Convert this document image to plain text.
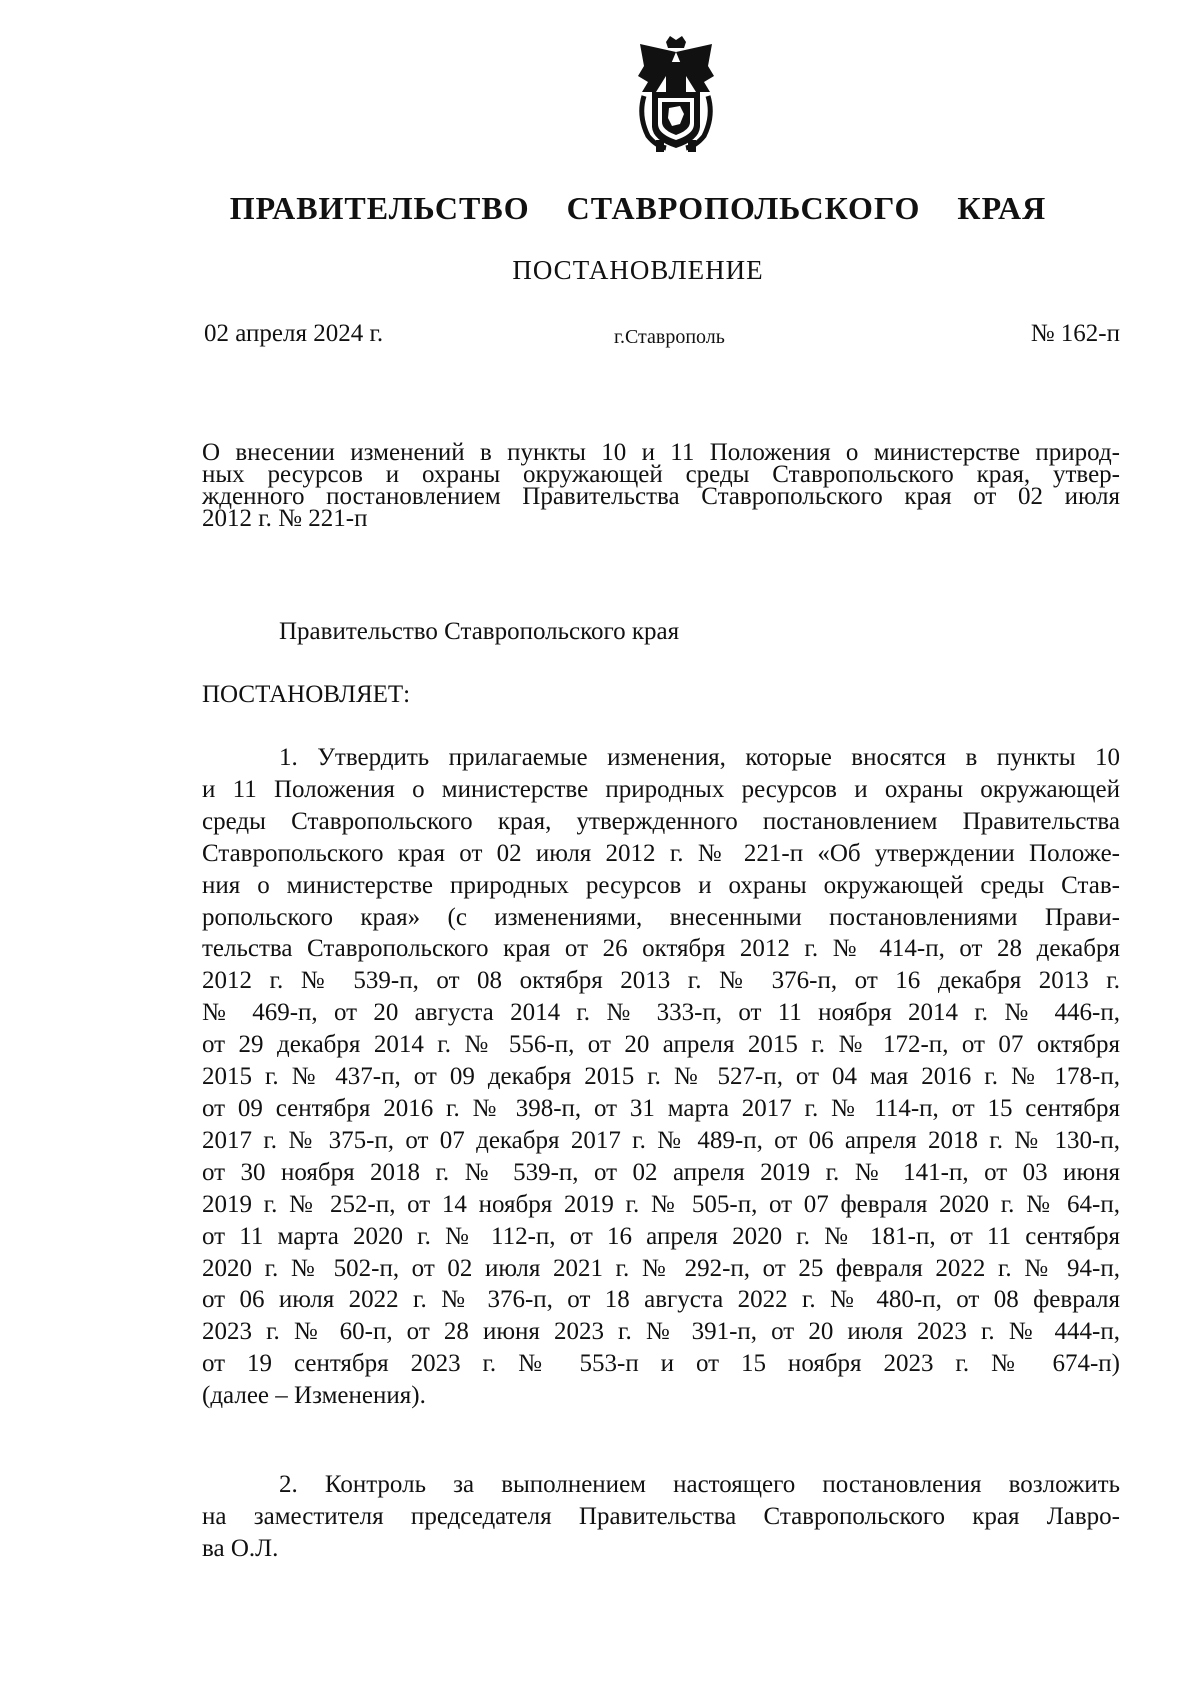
ПРАВИТЕЛЬСТВО СТАВРОПОЛЬСКОГО КРАЯ
ПОСТАНОВЛЕНИЕ
02 апреля 2024 г.	г.Ставрополь	№ 162-п
О внесении изменений в пункты 10 и 11 Положения о министерстве природ-
ных ресурсов и охраны окружающей среды Ставропольского края, утвер-
жденного постановлением Правительства Ставропольского края от 02 июля
2012 г. № 221-п
Правительство Ставропольского края
ПОСТАНОВЛЯЕТ:
1. Утвердить прилагаемые изменения, которые вносятся в пункты 10
и 11 Положения о министерстве природных ресурсов и охраны окружающей
среды Ставропольского края, утвержденного постановлением Правительства
Ставропольского края от 02 июля 2012 г. № 221-п «Об утверждении Положе-
ния о министерстве природных ресурсов и охраны окружающей среды Став-
ропольского края» (с изменениями, внесенными постановлениями Прави-
тельства Ставропольского края от 26 октября 2012 г. № 414-п, от 28 декабря
2012 г. № 539-п, от 08 октября 2013 г. № 376-п, от 16 декабря 2013 г.
№ 469-п, от 20 августа 2014 г. № 333-п, от 11 ноября 2014 г. № 446-п,
от 29 декабря 2014 г. № 556-п, от 20 апреля 2015 г. № 172-п, от 07 октября
2015 г. № 437-п, от 09 декабря 2015 г. № 527-п, от 04 мая 2016 г. № 178-п,
от 09 сентября 2016 г. № 398-п, от 31 марта 2017 г. № 114-п, от 15 сентября
2017 г. № 375-п, от 07 декабря 2017 г. № 489-п, от 06 апреля 2018 г. № 130-п,
от 30 ноября 2018 г. № 539-п, от 02 апреля 2019 г. № 141-п, от 03 июня
2019 г. № 252-п, от 14 ноября 2019 г. № 505-п, от 07 февраля 2020 г. № 64-п,
от 11 марта 2020 г. № 112-п, от 16 апреля 2020 г. № 181-п, от 11 сентября
2020 г. № 502-п, от 02 июля 2021 г. № 292-п, от 25 февраля 2022 г. № 94-п,
от 06 июля 2022 г. № 376-п, от 18 августа 2022 г. № 480-п, от 08 февраля
2023 г. № 60-п, от 28 июня 2023 г. № 391-п, от 20 июля 2023 г. № 444-п,
от 19 сентября 2023 г. № 553-п и от 15 ноября 2023 г. № 674-п)
(далее – Изменения).
2. Контроль за выполнением настоящего постановления возложить
на заместителя председателя Правительства Ставропольского края Лавро-
ва О.Л.
